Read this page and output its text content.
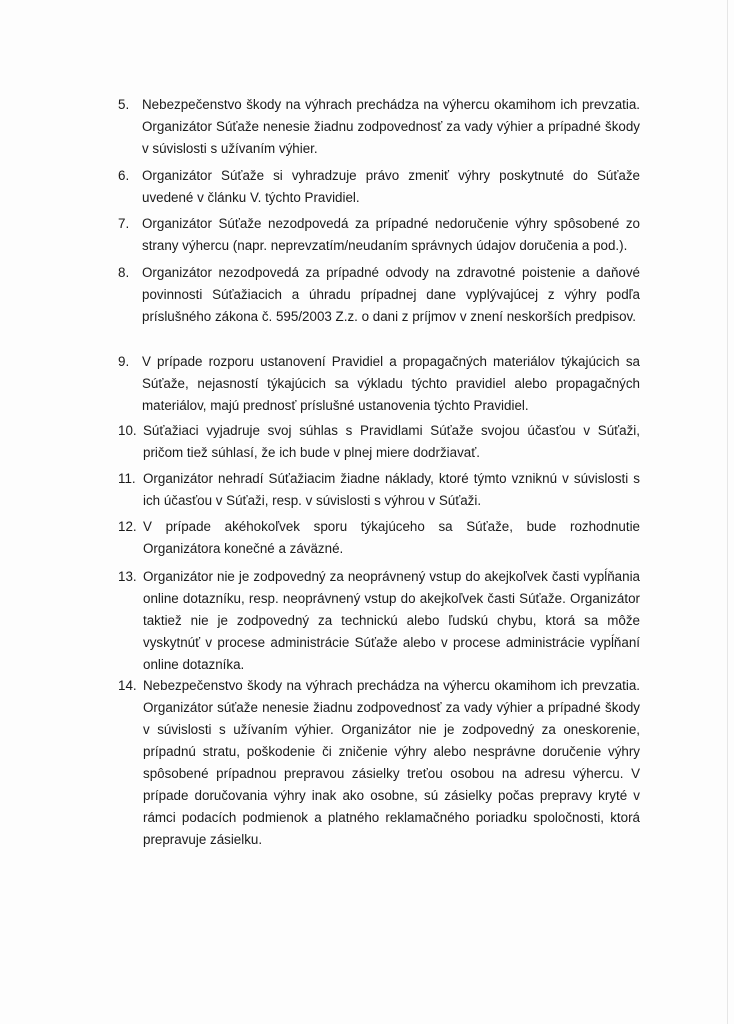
5. Nebezpečenstvo škody na výhrach prechádza na výhercu okamihom ich prevzatia. Organizátor Súťaže nenesie žiadnu zodpovednosť za vady výhier a prípadné škody v súvislosti s užívaním výhier.
6. Organizátor Súťaže si vyhradzuje právo zmeniť výhry poskytnuté do Súťaže uvedené v článku V. týchto Pravidiel.
7. Organizátor Súťaže nezodpovedá za prípadné nedoručenie výhry spôsobené zo strany výhercu (napr. neprevzatím/neudaním správnych údajov doručenia a pod.).
8. Organizátor nezodpovedá za prípadné odvody na zdravotné poistenie a daňové povinnosti Súťažiacich a úhradu prípadnej dane vyplývajúcej z výhry podľa príslušného zákona č. 595/2003 Z.z. o dani z príjmov v znení neskorších predpisov.
9. V prípade rozporu ustanovení Pravidiel a propagačných materiálov týkajúcich sa Súťaže, nejasností týkajúcich sa výkladu týchto pravidiel alebo propagačných materiálov, majú prednosť príslušné ustanovenia týchto Pravidiel.
10. Súťažiaci vyjadruje svoj súhlas s Pravidlami Súťaže svojou účasťou v Súťaži, pričom tiež súhlasí, že ich bude v plnej miere dodržiavať.
11. Organizátor nehradí Súťažiacim žiadne náklady, ktoré týmto vzniknú v súvislosti s ich účasťou v Súťaži, resp. v súvislosti s výhrou v Súťaži.
12. V prípade akéhokoľvek sporu týkajúceho sa Súťaže, bude rozhodnutie Organizátora konečné a záväzné.
13. Organizátor nie je zodpovedný za neoprávnený vstup do akejkoľvek časti vypĺňania online dotazníku, resp. neoprávnený vstup do akejkoľvek časti Súťaže. Organizátor taktiež nie je zodpovedný za technickú alebo ľudskú chybu, ktorá sa môže vyskytnúť v procese administrácie Súťaže alebo v procese administrácie vypĺňaní online dotazníka.
14. Nebezpečenstvo škody na výhrach prechádza na výhercu okamihom ich prevzatia. Organizátor súťaže nenesie žiadnu zodpovednosť za vady výhier a prípadné škody v súvislosti s užívaním výhier. Organizátor nie je zodpovedný za oneskorenie, prípadnú stratu, poškodenie či zničenie výhry alebo nesprávne doručenie výhry spôsobené prípadnou prepravou zásielky treťou osobou na adresu výhercu. V prípade doručovania výhry inak ako osobne, sú zásielky počas prepravy kryté v rámci podacích podmienok a platného reklamačného poriadku spoločnosti, ktorá prepravuje zásielku.
